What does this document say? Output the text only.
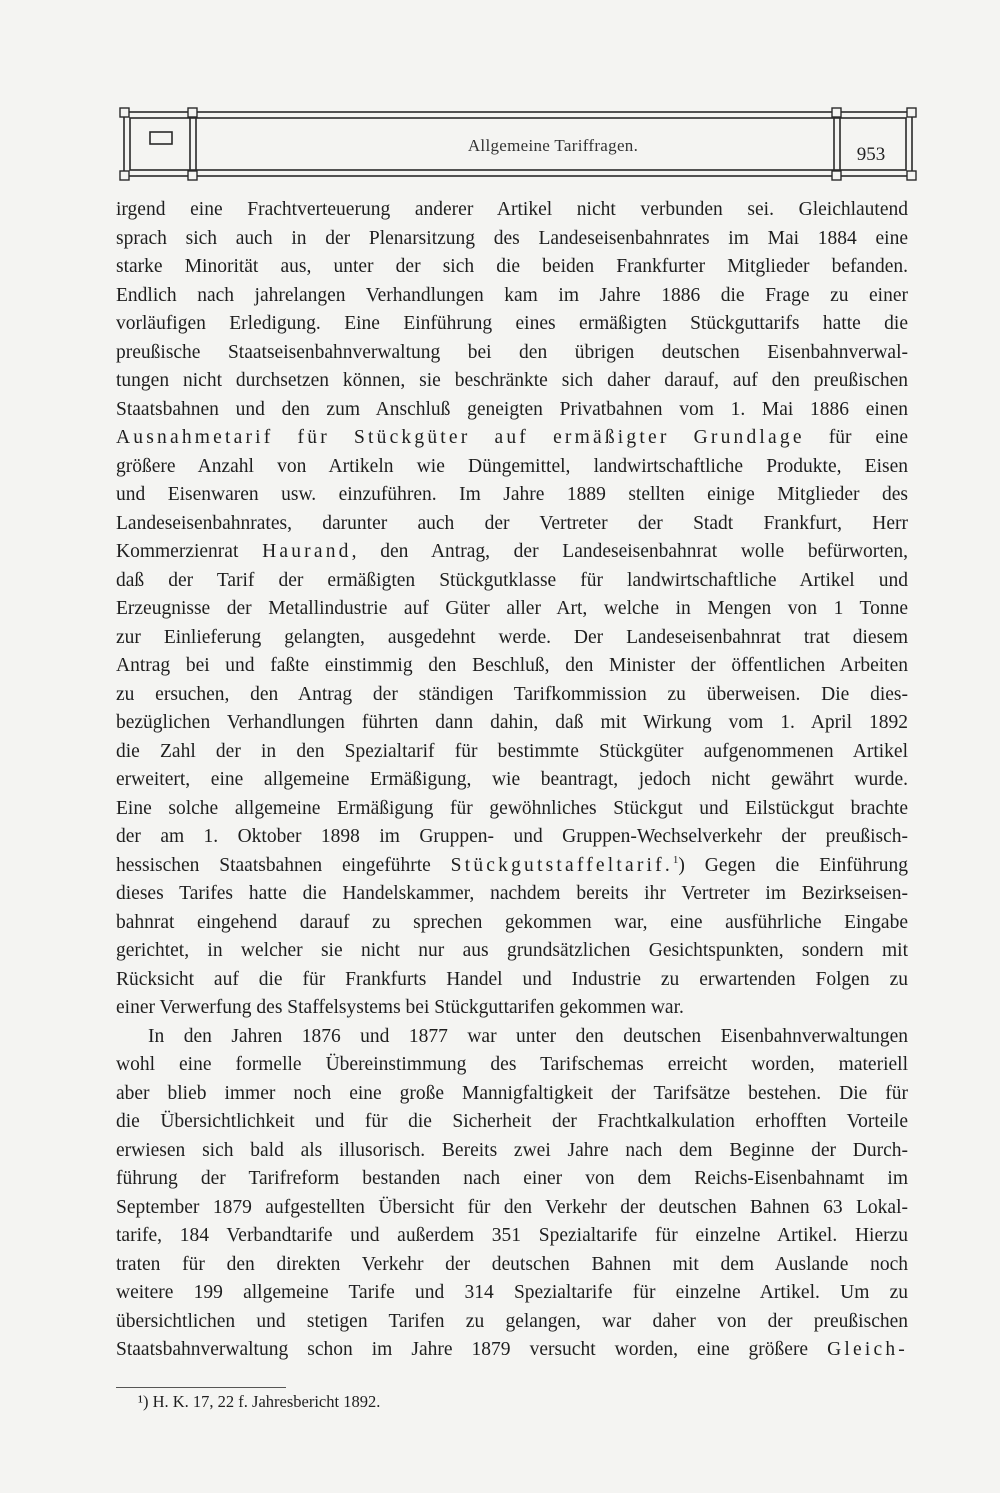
Allgemeine Tariffragen.	953
irgend eine Frachtverteuerung anderer Artikel nicht verbunden sei. Gleichlautend
sprach sich auch in der Plenarsitzung des Landeseisenbahnrates im Mai 1884 eine
starke Minorität aus, unter der sich die beiden Frankfurter Mitglieder befanden.
Endlich nach jahrelangen Verhandlungen kam im Jahre 1886 die Frage zu einer
vorläufigen Erledigung. Eine Einführung eines ermäßigten Stückguttarifs hatte die
preußische Staatseisenbahnverwaltung bei den übrigen deutschen Eisenbahnverwal-
tungen nicht durchsetzen können, sie beschränkte sich daher darauf, auf den preußischen
Staatsbahnen und den zum Anschluß geneigten Privatbahnen vom 1. Mai 1886 einen
Ausnahmetarif für Stückgüter auf ermäßigter Grundlage für eine
größere Anzahl von Artikeln wie Düngemittel, landwirtschaftliche Produkte, Eisen
und Eisenwaren usw. einzuführen. Im Jahre 1889 stellten einige Mitglieder des
Landeseisenbahnrates, darunter auch der Vertreter der Stadt Frankfurt, Herr
Kommerzienrat Haurand, den Antrag, der Landeseisenbahnrat wolle befürworten,
daß der Tarif der ermäßigten Stückgutklasse für landwirtschaftliche Artikel und
Erzeugnisse der Metallindustrie auf Güter aller Art, welche in Mengen von 1 Tonne
zur Einlieferung gelangten, ausgedehnt werde. Der Landeseisenbahnrat trat diesem
Antrag bei und faßte einstimmig den Beschluß, den Minister der öffentlichen Arbeiten
zu ersuchen, den Antrag der ständigen Tarifkommission zu überweisen. Die dies-
bezüglichen Verhandlungen führten dann dahin, daß mit Wirkung vom 1. April 1892
die Zahl der in den Spezialtarif für bestimmte Stückgüter aufgenommenen Artikel
erweitert, eine allgemeine Ermäßigung, wie beantragt, jedoch nicht gewährt wurde.
Eine solche allgemeine Ermäßigung für gewöhnliches Stückgut und Eilstückgut brachte
der am 1. Oktober 1898 im Gruppen- und Gruppen-Wechselverkehr der preußisch-
hessischen Staatsbahnen eingeführte Stückgutstaffeltarif.$^1$) Gegen die Einführung
dieses Tarifes hatte die Handelskammer, nachdem bereits ihr Vertreter im Bezirkseisen-
bahnrat eingehend darauf zu sprechen gekommen war, eine ausführliche Eingabe
gerichtet, in welcher sie nicht nur aus grundsätzlichen Gesichtspunkten, sondern mit
Rücksicht auf die für Frankfurts Handel und Industrie zu erwartenden Folgen zu
einer Verwerfung des Staffelsystems bei Stückguttarifen gekommen war.
In den Jahren 1876 und 1877 war unter den deutschen Eisenbahnverwaltungen
wohl eine formelle Übereinstimmung des Tarifschemas erreicht worden, materiell
aber blieb immer noch eine große Mannigfaltigkeit der Tarifsätze bestehen. Die für
die Übersichtlichkeit und für die Sicherheit der Frachtkalkulation erhofften Vorteile
erwiesen sich bald als illusorisch. Bereits zwei Jahre nach dem Beginne der Durch-
führung der Tarifreform bestanden nach einer von dem Reichs-Eisenbahnamt im
September 1879 aufgestellten Übersicht für den Verkehr der deutschen Bahnen 63 Lokal-
tarife, 184 Verbandtarife und außerdem 351 Spezialtarife für einzelne Artikel. Hierzu
traten für den direkten Verkehr der deutschen Bahnen mit dem Auslande noch
weitere 199 allgemeine Tarife und 314 Spezialtarife für einzelne Artikel. Um zu
übersichtlichen und stetigen Tarifen zu gelangen, war daher von der preußischen
Staatsbahnverwaltung schon im Jahre 1879 versucht worden, eine größere Gleich-
¹) H. K. 17, 22 f. Jahresbericht 1892.
